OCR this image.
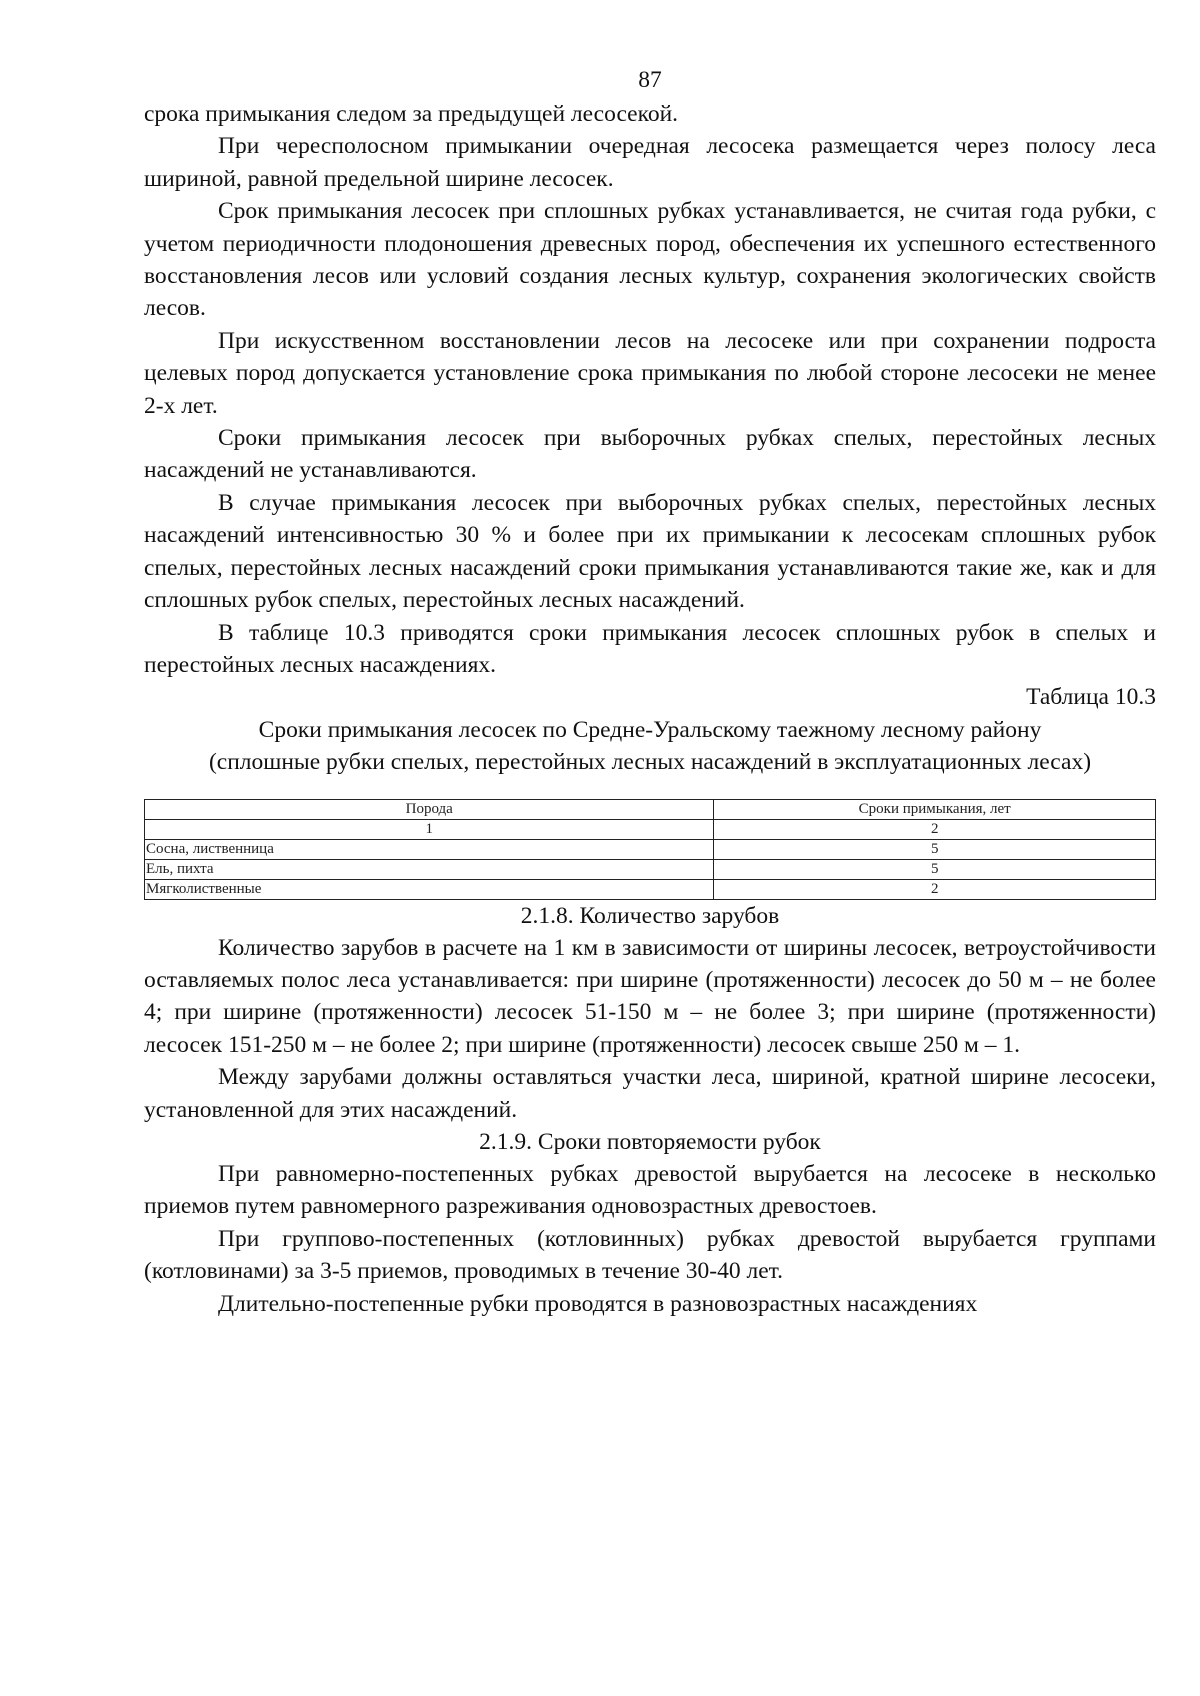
87

срока примыкания следом за предыдущей лесосекой.

При чересполосном примыкании очередная лесосека размещается через полосу леса шириной, равной предельной ширине лесосек.

Срок примыкания лесосек при сплошных рубках устанавливается, не считая года рубки, с учетом периодичности плодоношения древесных пород, обеспечения их успешного естественного восстановления лесов или условий создания лесных культур, сохранения экологических свойств лесов.

При искусственном восстановлении лесов на лесосеке или при сохранении подроста целевых пород допускается установление срока примыкания по любой стороне лесосеки не менее 2-х лет.

Сроки примыкания лесосек при выборочных рубках спелых, перестойных лесных насаждений не устанавливаются.

В случае примыкания лесосек при выборочных рубках спелых, перестойных лесных насаждений интенсивностью 30 % и более при их примыкании к лесосекам сплошных рубок спелых, перестойных лесных насаждений сроки примыкания устанавливаются такие же, как и для сплошных рубок спелых, перестойных лесных насаждений.

В таблице 10.3 приводятся сроки примыкания лесосек сплошных рубок в спелых и перестойных лесных насаждениях.

Таблица 10.3
Сроки примыкания лесосек по Средне-Уральскому таежному лесному району
(сплошные рубки спелых, перестойных лесных насаждений в эксплуатационных лесах)
Порода	Сроки примыкания, лет
1	2
Сосна, лиственница	5
Ель, пихта	5
Мягколиственные	2
2.1.8. Количество зарубов

Количество зарубов в расчете на 1 км в зависимости от ширины лесосек, ветроустойчивости оставляемых полос леса устанавливается: при ширине (протяженности) лесосек до 50 м – не более 4; при ширине (протяженности) лесосек 51-150 м – не более 3; при ширине (протяженности) лесосек 151-250 м – не более 2; при ширине (протяженности) лесосек свыше 250 м – 1.

Между зарубами должны оставляться участки леса, шириной, кратной ширине лесосеки, установленной для этих насаждений.

2.1.9. Сроки повторяемости рубок

При равномерно-постепенных рубках древостой вырубается на лесосеке в несколько приемов путем равномерного разреживания одновозрастных древостоев.

При группово-постепенных (котловинных) рубках древостой вырубается группами (котловинами) за 3-5 приемов, проводимых в течение 30-40 лет.

Длительно-постепенные рубки проводятся в разновозрастных насаждениях
